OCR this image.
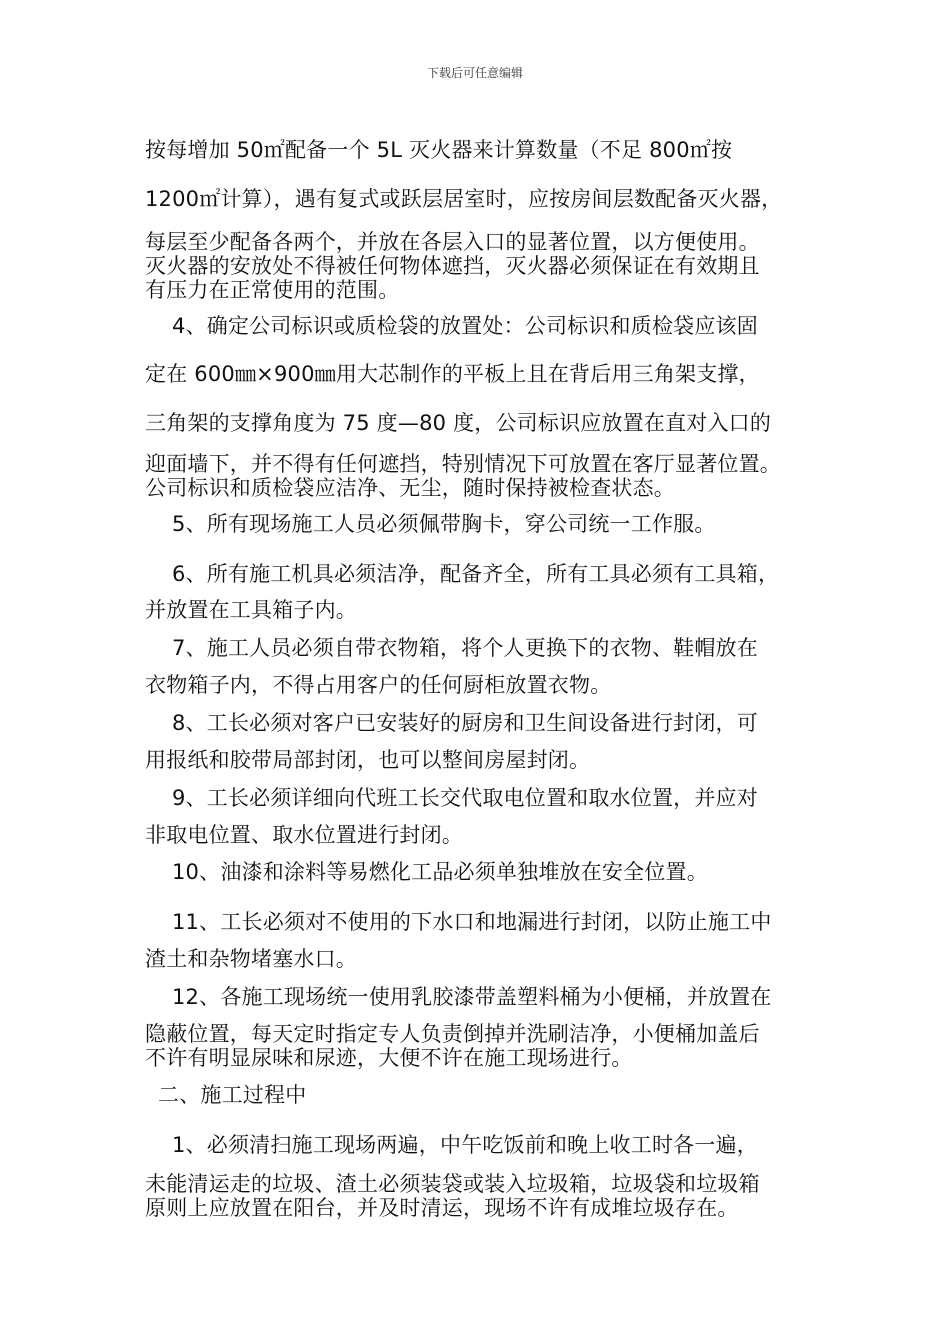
下载后可任意编辑
按每增加 50㎡配备一个 5L 灭火器来计算数量（不足 800㎡按
1200㎡计算），遇有复式或跃层居室时，应按房间层数配备灭火器，
每层至少配备各两个，并放在各层入口的显著位置，以方便使用。
灭火器的安放处不得被任何物体遮挡，灭火器必须保证在有效期且
有压力在正常使用的范围。
4、确定公司标识或质检袋的放置处：公司标识和质检袋应该固
定在 600㎜×900㎜用大芯制作的平板上且在背后用三角架支撑，
三角架的支撑角度为 75 度—80 度，公司标识应放置在直对入口的
迎面墙下，并不得有任何遮挡，特别情况下可放置在客厅显著位置。
公司标识和质检袋应洁净、无尘，随时保持被检查状态。
5、所有现场施工人员必须佩带胸卡，穿公司统一工作服。
6、所有施工机具必须洁净，配备齐全，所有工具必须有工具箱，
并放置在工具箱子内。
7、施工人员必须自带衣物箱，将个人更换下的衣物、鞋帽放在
衣物箱子内，不得占用客户的任何厨柜放置衣物。
8、工长必须对客户已安装好的厨房和卫生间设备进行封闭，可
用报纸和胶带局部封闭，也可以整间房屋封闭。
9、工长必须详细向代班工长交代取电位置和取水位置，并应对
非取电位置、取水位置进行封闭。
10、油漆和涂料等易燃化工品必须单独堆放在安全位置。
11、工长必须对不使用的下水口和地漏进行封闭，以防止施工中
渣土和杂物堵塞水口。
12、各施工现场统一使用乳胶漆带盖塑料桶为小便桶，并放置在
隐蔽位置，每天定时指定专人负责倒掉并洗刷洁净，小便桶加盖后
不许有明显尿味和尿迹，大便不许在施工现场进行。
二、施工过程中
1、必须清扫施工现场两遍，中午吃饭前和晚上收工时各一遍，
未能清运走的垃圾、渣土必须装袋或装入垃圾箱，垃圾袋和垃圾箱
原则上应放置在阳台，并及时清运，现场不许有成堆垃圾存在。
